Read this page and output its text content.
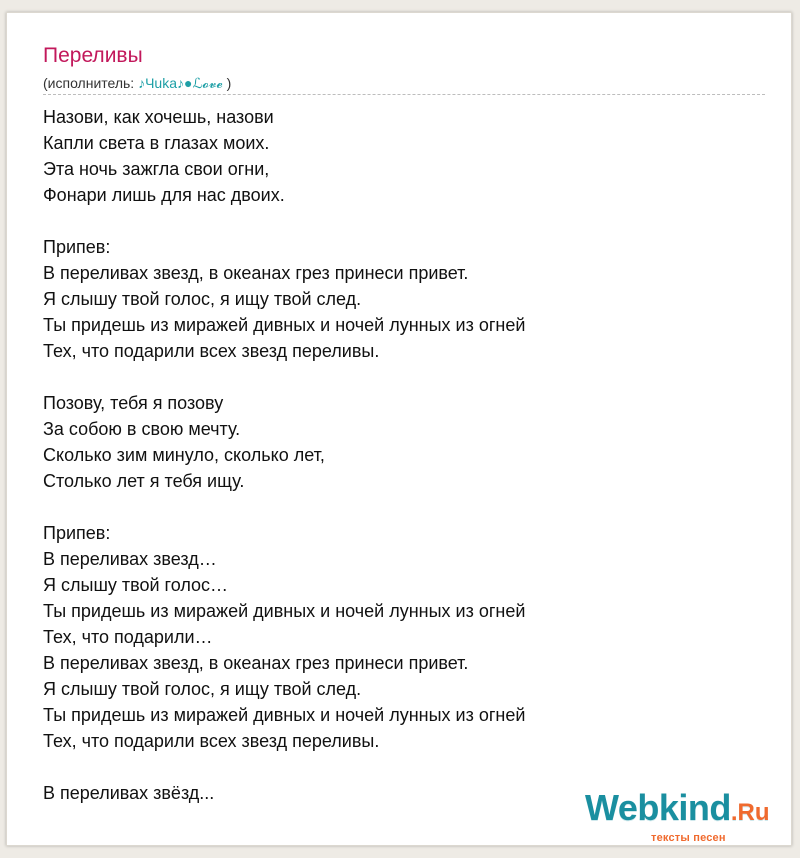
Переливы
(исполнитель: ♪Чuka♪●ℒ𝓸𝓿𝓮 )
Назови, как хочешь, назови
Капли света в глазах моих.
Эта ночь зажгла свои огни,
Фонари лишь для нас двоих.
Припев:
В переливах звезд, в океанах грез принеси привет.
Я слышу твой голос, я ищу твой след.
Ты придешь из миражей дивных и ночей лунных из огней
Тех, что подарили всех звезд переливы.
Позову, тебя я позову
За собою в свою мечту.
Сколько зим минуло, сколько лет,
Столько лет я тебя ищу.
Припев:
В переливах звезд…
Я слышу твой голос…
Ты придешь из миражей дивных и ночей лунных из огней
Тех, что подарили…
В переливах звезд, в океанах грез принеси привет.
Я слышу твой голос, я ищу твой след.
Ты придешь из миражей дивных и ночей лунных из огней
Тех, что подарили всех звезд переливы.
В переливах звёзд...	Webkind.Ru
тексты песен
